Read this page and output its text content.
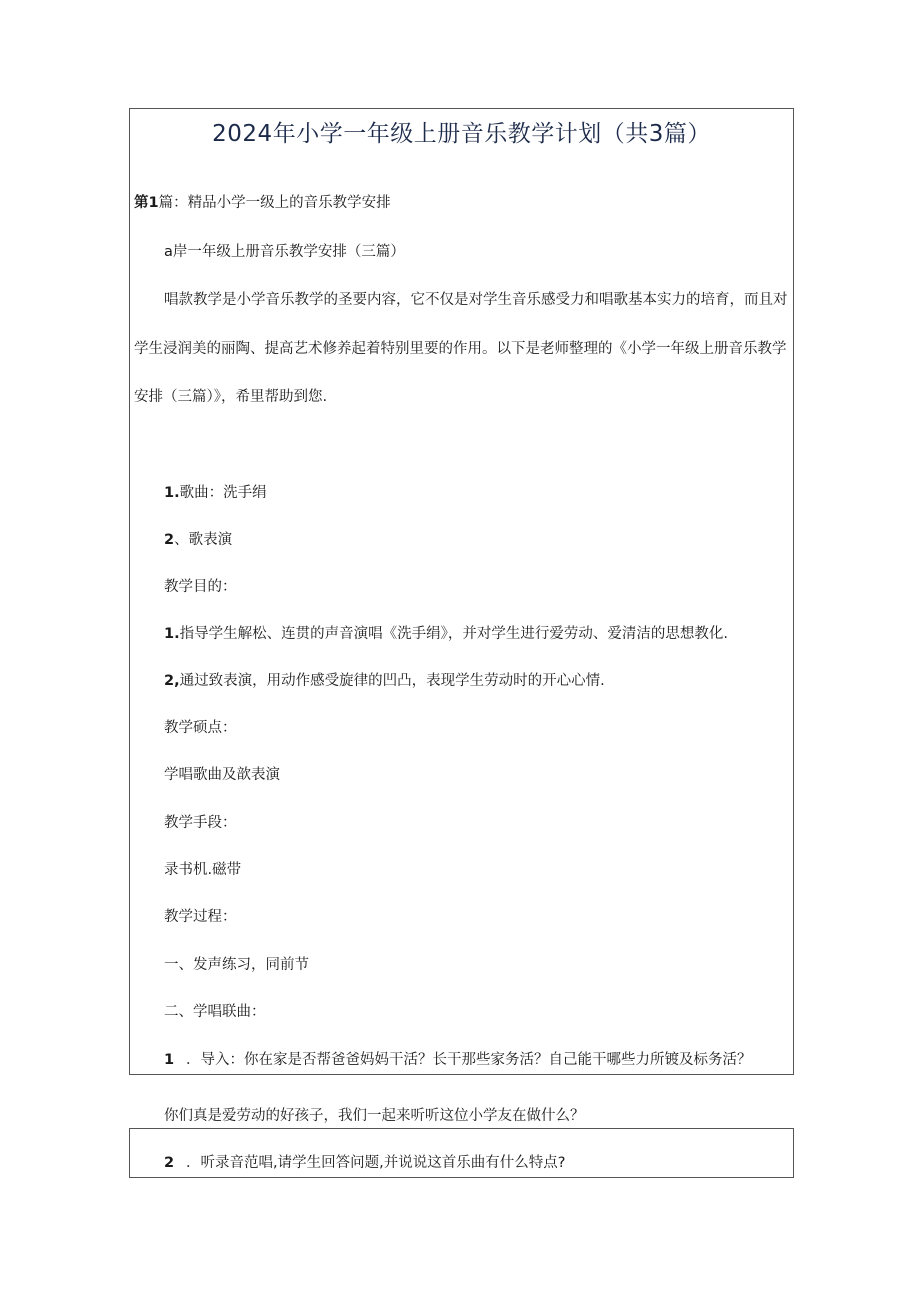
2024年小学一年级上册音乐教学计划（共3篇）
第1篇：精品小学一级上的音乐教学安排
a岸一年级上册音乐教学安排（三篇）
唱款教学是小学音乐教学的圣要内容，它不仅是对学生音乐感受力和唱歌基本实力的培育，而且对
学生浸润美的丽陶、提高艺术修养起着特别里要的作用。以下是老师整理的《小学一年级上册音乐教学
安排（三篇）》，希里帮助到您.
1.歌曲：洗手绢
2、歌表演
教学目的：
1.指导学生解松、连贯的声音演唱《洗手绢》，并对学生进行爱劳动、爱清洁的思想教化.
2,通过致表演，用动作感受旋律的凹凸，表现学生劳动时的开心心情.
教学硕点：
学唱歌曲及歆表演
教学手段：
录书机.磁带
教学过程：
一、发声练习，同前节
二、学唱联曲：
1 ．导入：你在家是否帮爸爸妈妈干活？长干那些家务活？自己能干哪些力所镀及标务活？
你们真是爱劳动的好孩子，我们一起来听听这位小学友在做什么？
2 ．听录音范唱,请学生回答问题,并说说这首乐曲有什么特点?
